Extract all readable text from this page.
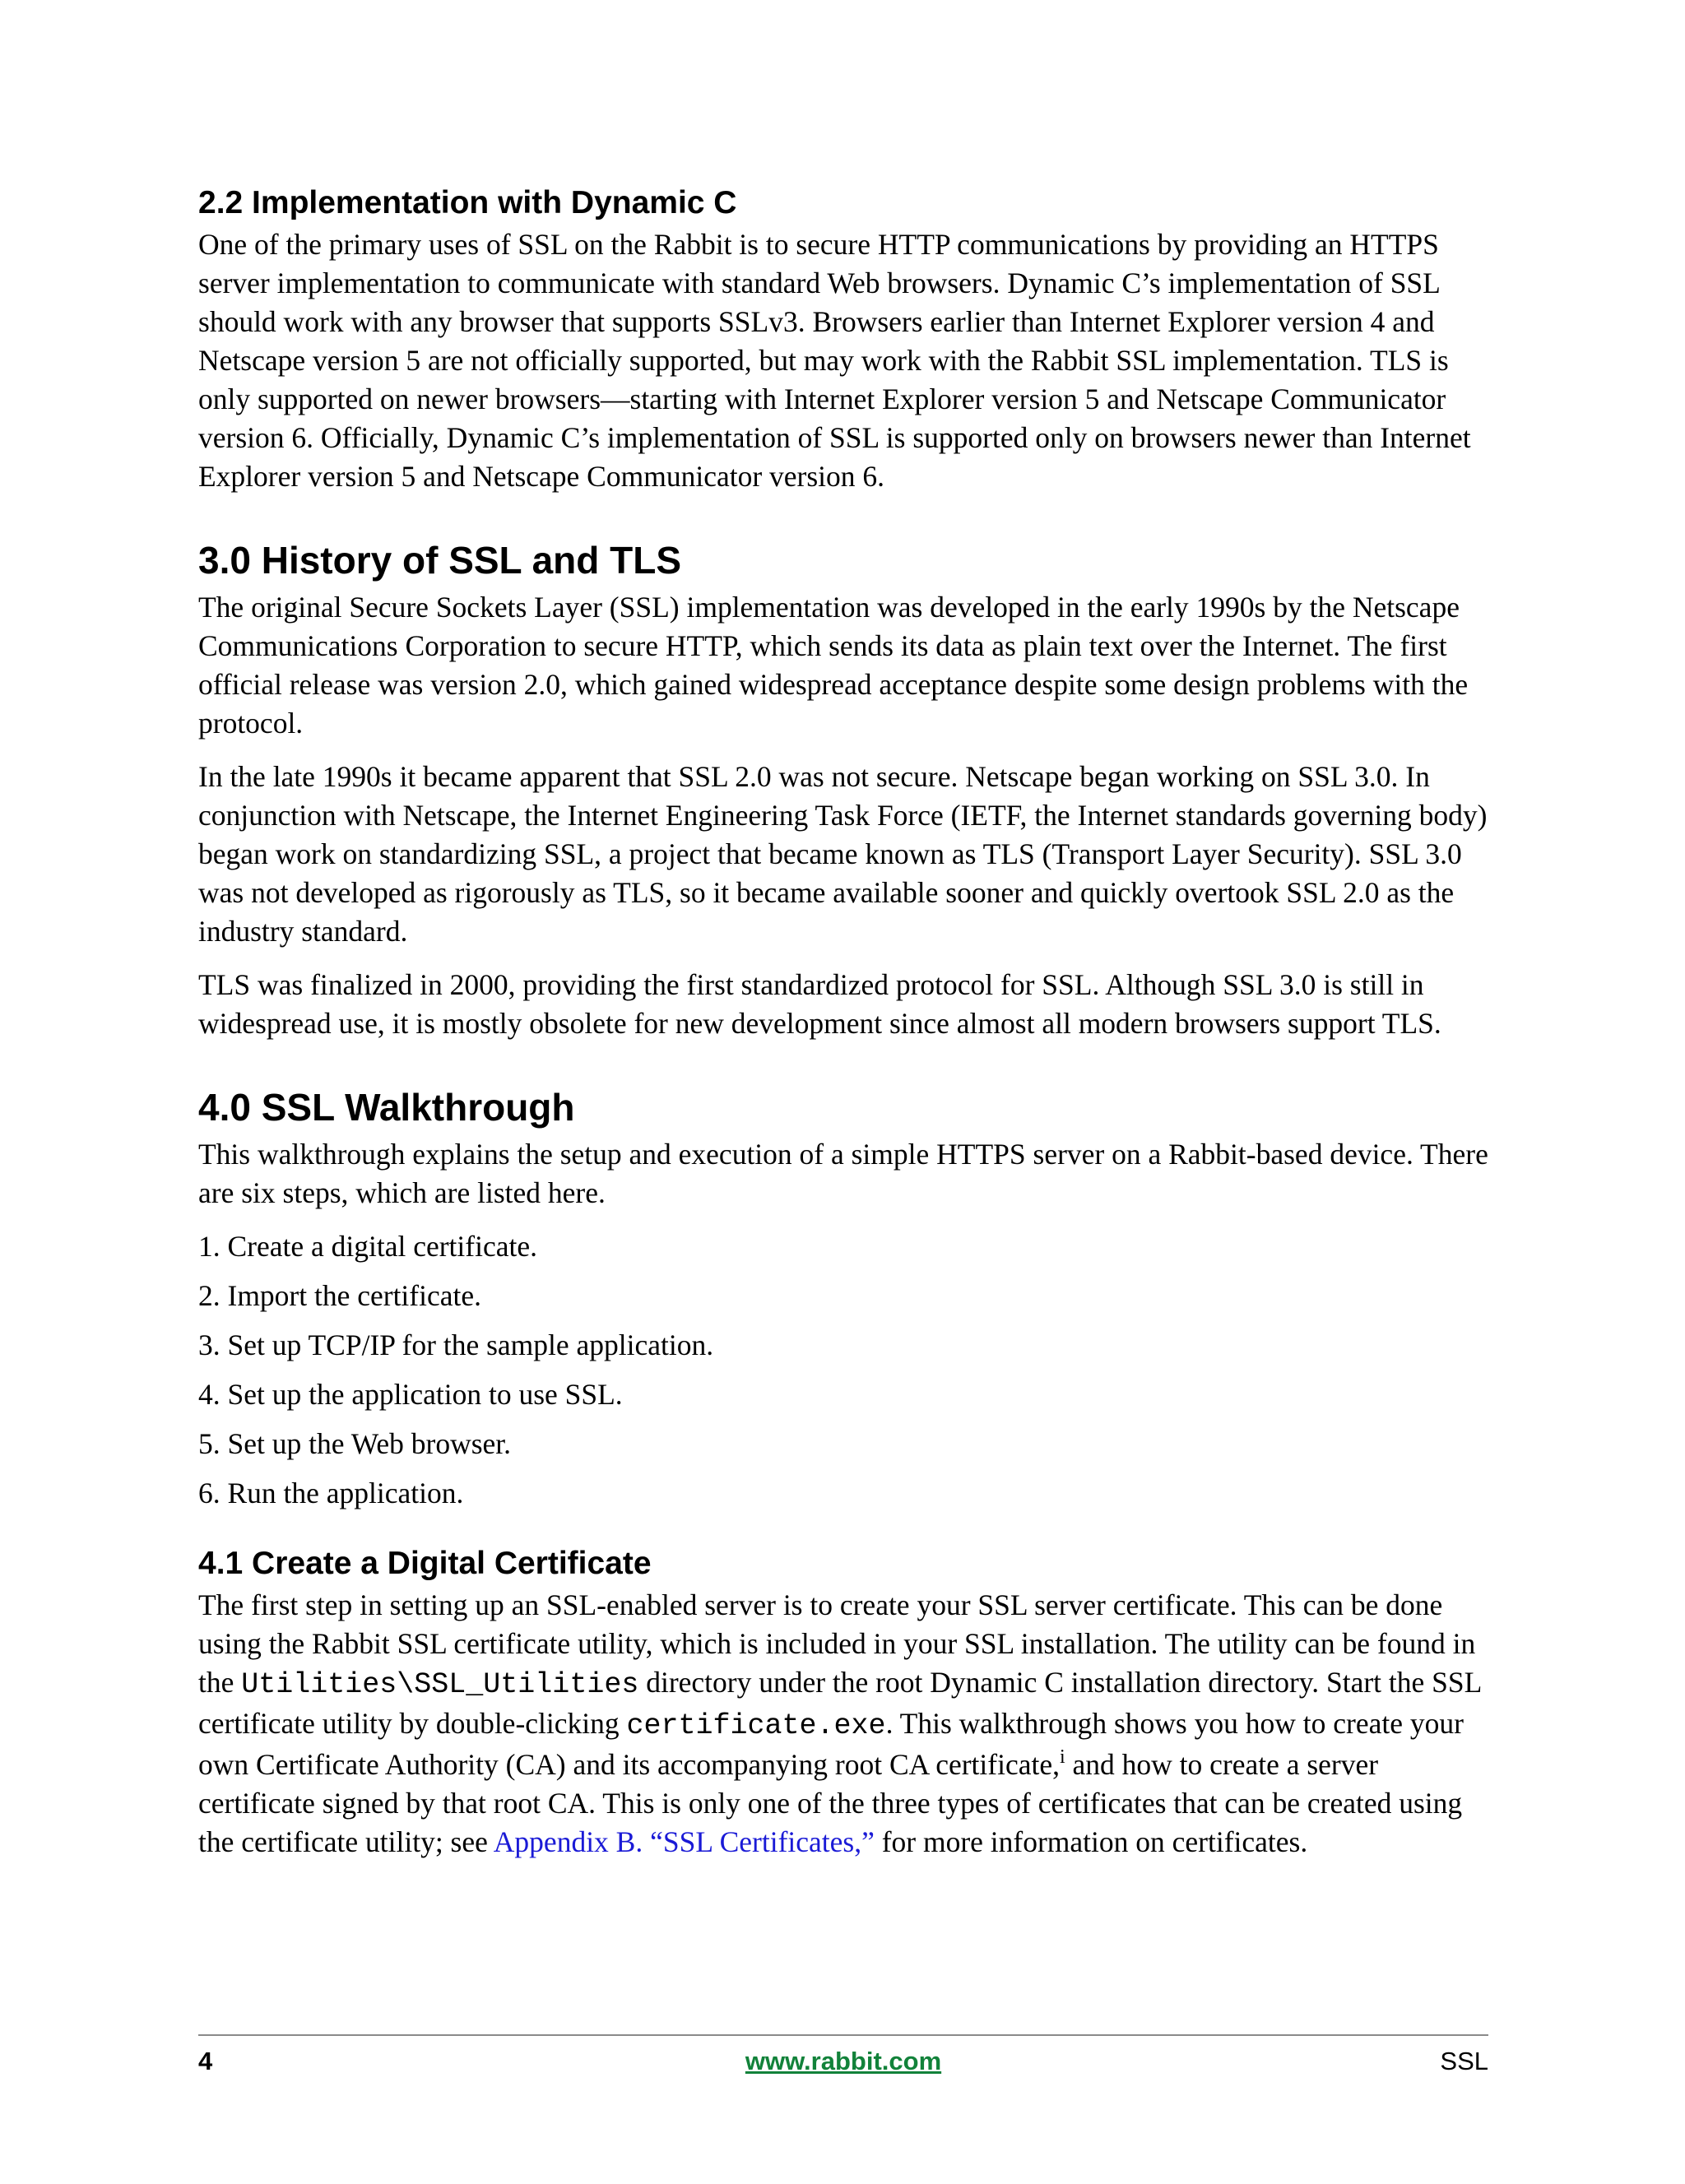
2.2 Implementation with Dynamic C

One of the primary uses of SSL on the Rabbit is to secure HTTP communications by providing an HTTPS server implementation to communicate with standard Web browsers. Dynamic C’s implementation of SSL should work with any browser that supports SSLv3. Browsers earlier than Internet Explorer version 4 and Netscape version 5 are not officially supported, but may work with the Rabbit SSL implementation. TLS is only supported on newer browsers—starting with Internet Explorer version 5 and Netscape Communicator version 6. Officially, Dynamic C’s implementation of SSL is supported only on browsers newer than Internet Explorer version 5 and Netscape Communicator version 6.

3.0 History of SSL and TLS

The original Secure Sockets Layer (SSL) implementation was developed in the early 1990s by the Netscape Communications Corporation to secure HTTP, which sends its data as plain text over the Internet. The first official release was version 2.0, which gained widespread acceptance despite some design problems with the protocol.

In the late 1990s it became apparent that SSL 2.0 was not secure. Netscape began working on SSL 3.0. In conjunction with Netscape, the Internet Engineering Task Force (IETF, the Internet standards governing body) began work on standardizing SSL, a project that became known as TLS (Transport Layer Security). SSL 3.0 was not developed as rigorously as TLS, so it became available sooner and quickly overtook SSL 2.0 as the industry standard.

TLS was finalized in 2000, providing the first standardized protocol for SSL. Although SSL 3.0 is still in widespread use, it is mostly obsolete for new development since almost all modern browsers support TLS.

4.0 SSL Walkthrough

This walkthrough explains the setup and execution of a simple HTTPS server on a Rabbit-based device. There are six steps, which are listed here.

1. Create a digital certificate.
2. Import the certificate.
3. Set up TCP/IP for the sample application.
4. Set up the application to use SSL.
5. Set up the Web browser.
6. Run the application.
4.1 Create a Digital Certificate

The first step in setting up an SSL-enabled server is to create your SSL server certificate. This can be done using the Rabbit SSL certificate utility, which is included in your SSL installation. The utility can be found in the Utilities\SSL_Utilities directory under the root Dynamic C installation directory. Start the SSL certificate utility by double-clicking certificate.exe. This walkthrough shows you how to create your own Certificate Authority (CA) and its accompanying root CA certificate,$^i$ and how to create a server certificate signed by that root CA. This is only one of the three types of certificates that can be created using the certificate utility; see Appendix B. “SSL Certificates,” for more information on certificates.

4	www.rabbit.com	SSL
